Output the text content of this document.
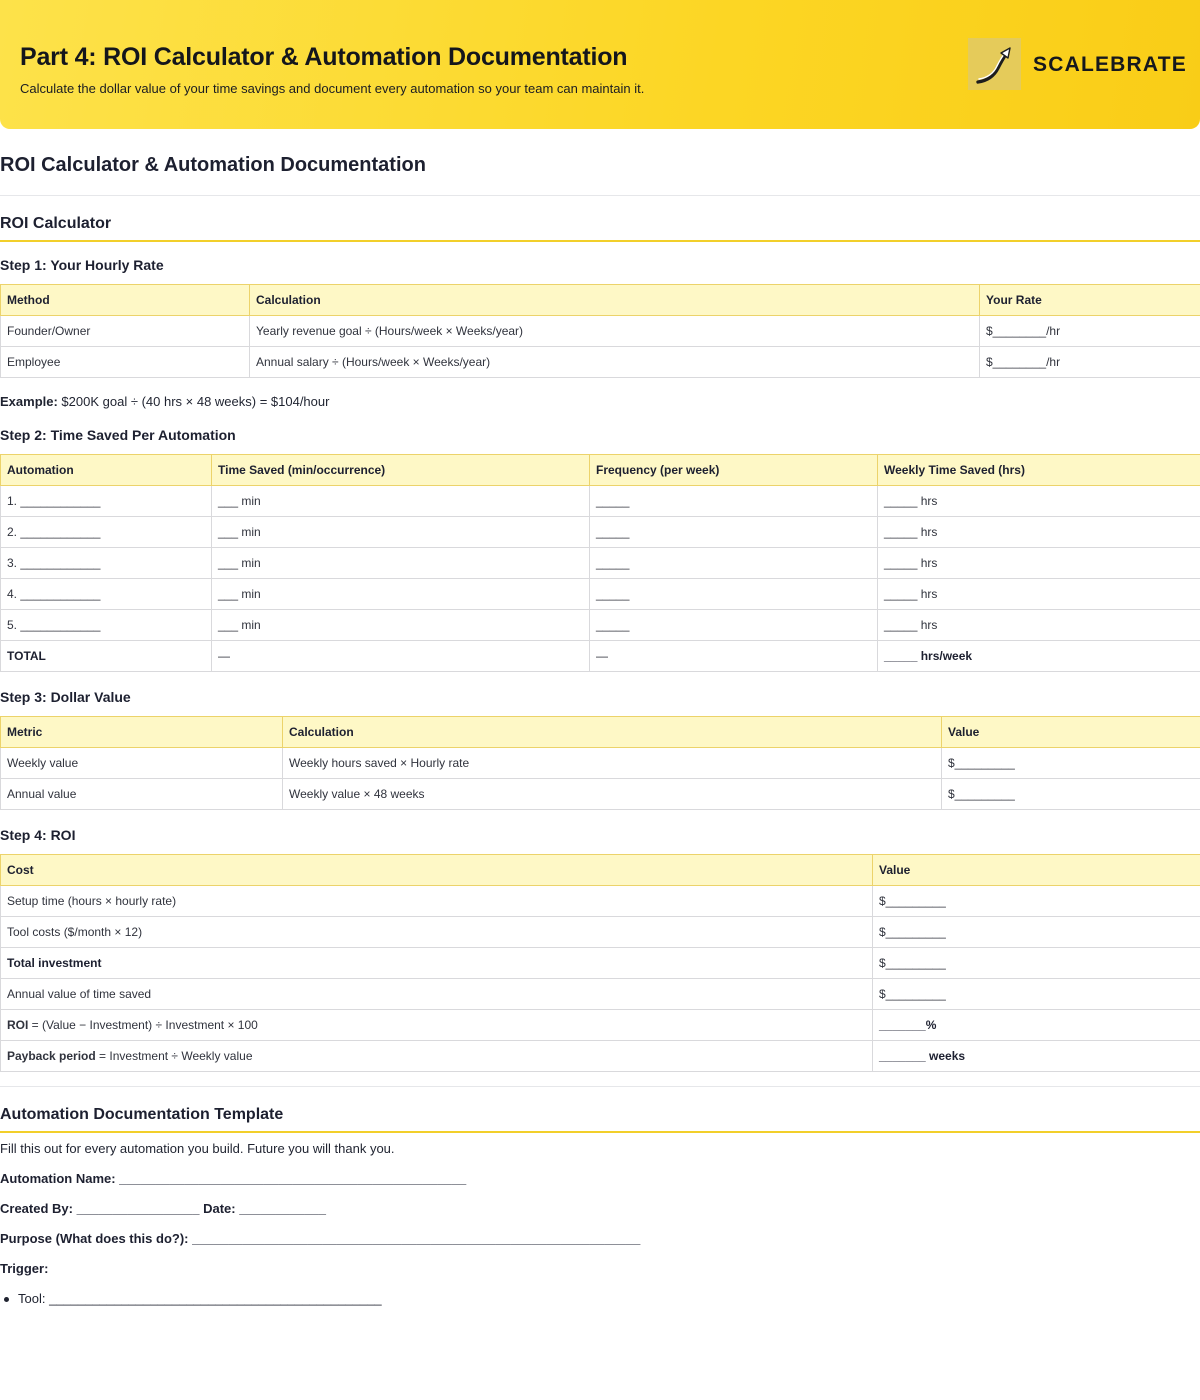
Part 4: ROI Calculator & Automation Documentation
Calculate the dollar value of your time savings and document every automation so your team can maintain it.
SCALEBRATE
ROI Calculator & Automation Documentation
ROI Calculator
Step 1: Your Hourly Rate
Method	Calculation	Your Rate
Founder/Owner	Yearly revenue goal ÷ (Hours/week × Weeks/year)	$________/hr
Employee	Annual salary ÷ (Hours/week × Weeks/year)	$________/hr
Example: $200K goal ÷ (40 hrs × 48 weeks) = $104/hour
Step 2: Time Saved Per Automation
Automation	Time Saved (min/occurrence)	Frequency (per week)	Weekly Time Saved (hrs)
1. ____________	___ min	_____	_____ hrs
2. ____________	___ min	_____	_____ hrs
3. ____________	___ min	_____	_____ hrs
4. ____________	___ min	_____	_____ hrs
5. ____________	___ min	_____	_____ hrs
TOTAL	—	—	_____ hrs/week
Step 3: Dollar Value
Metric	Calculation	Value
Weekly value	Weekly hours saved × Hourly rate	$_________
Annual value	Weekly value × 48 weeks	$_________
Step 4: ROI
Cost	Value
Setup time (hours × hourly rate)	$_________
Tool costs ($/month × 12)	$_________
Total investment	$_________
Annual value of time saved	$_________
ROI = (Value − Investment) ÷ Investment × 100	_______%
Payback period = Investment ÷ Weekly value	_______ weeks
Automation Documentation Template
Fill this out for every automation you build. Future you will thank you.
Automation Name: ________________________________________________
Created By: _________________ Date: ____________
Purpose (What does this do?): ______________________________________________________________
Trigger:
Tool: ______________________________________________
